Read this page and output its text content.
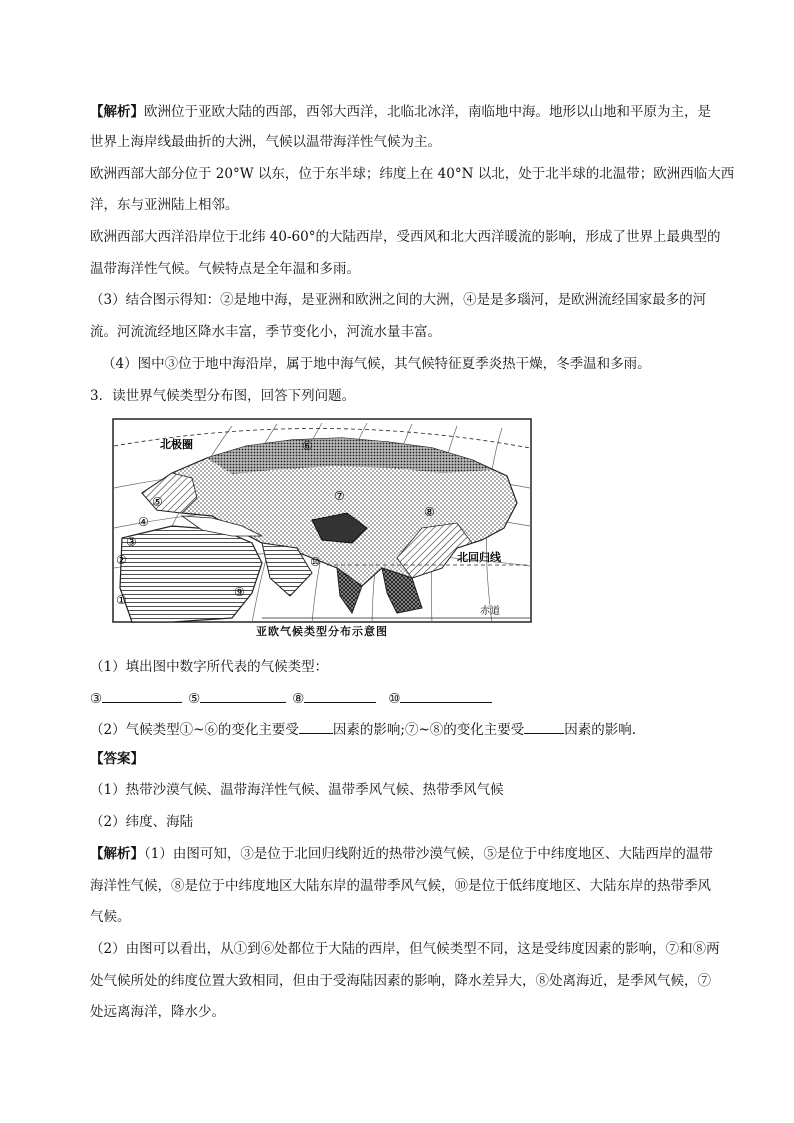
【解析】欧洲位于亚欧大陆的西部，西邻大西洋，北临北冰洋，南临地中海。地形以山地和平原为主，是
世界上海岸线最曲折的大洲，气候以温带海洋性气候为主。
欧洲西部大部分位于 20°W 以东，位于东半球；纬度上在 40°N 以北，处于北半球的北温带；欧洲西临大西
洋，东与亚洲陆上相邻。
欧洲西部大西洋沿岸位于北纬 40-60°的大陆西岸，受西风和北大西洋暖流的影响，形成了世界上最典型的
温带海洋性气候。气候特点是全年温和多雨。
（3）结合图示得知：②是地中海，是亚洲和欧洲之间的大洲，④是是多瑙河，是欧洲流经国家最多的河
流。河流流经地区降水丰富，季节变化小，河流水量丰富。
（4）图中③位于地中海沿岸，属于地中海气候，其气候特征夏季炎热干燥，冬季温和多雨。
3．读世界气候类型分布图，回答下列问题。
北极圈
北回归线
赤道
①
②
③
④
⑤
⑥
⑦
⑧
⑨
⑩
亚欧气候类型分布示意图
（1）填出图中数字所代表的气候类型：
③	⑤	⑧	⑩
（2）气候类型①~⑥的变化主要受	因素的影响;⑦~⑧的变化主要受	因素的影响.
【答案】
（1）热带沙漠气候、温带海洋性气候、温带季风气候、热带季风气候
（2）纬度、海陆
【解析】（1）由图可知，③是位于北回归线附近的热带沙漠气候，⑤是位于中纬度地区、大陆西岸的温带
海洋性气候，⑧是位于中纬度地区大陆东岸的温带季风气候，⑩是位于低纬度地区、大陆东岸的热带季风
气候。
（2）由图可以看出，从①到⑥处都位于大陆的西岸，但气候类型不同，这是受纬度因素的影响，⑦和⑧两
处气候所处的纬度位置大致相同，但由于受海陆因素的影响，降水差异大，⑧处离海近，是季风气候，⑦
处远离海洋，降水少。
